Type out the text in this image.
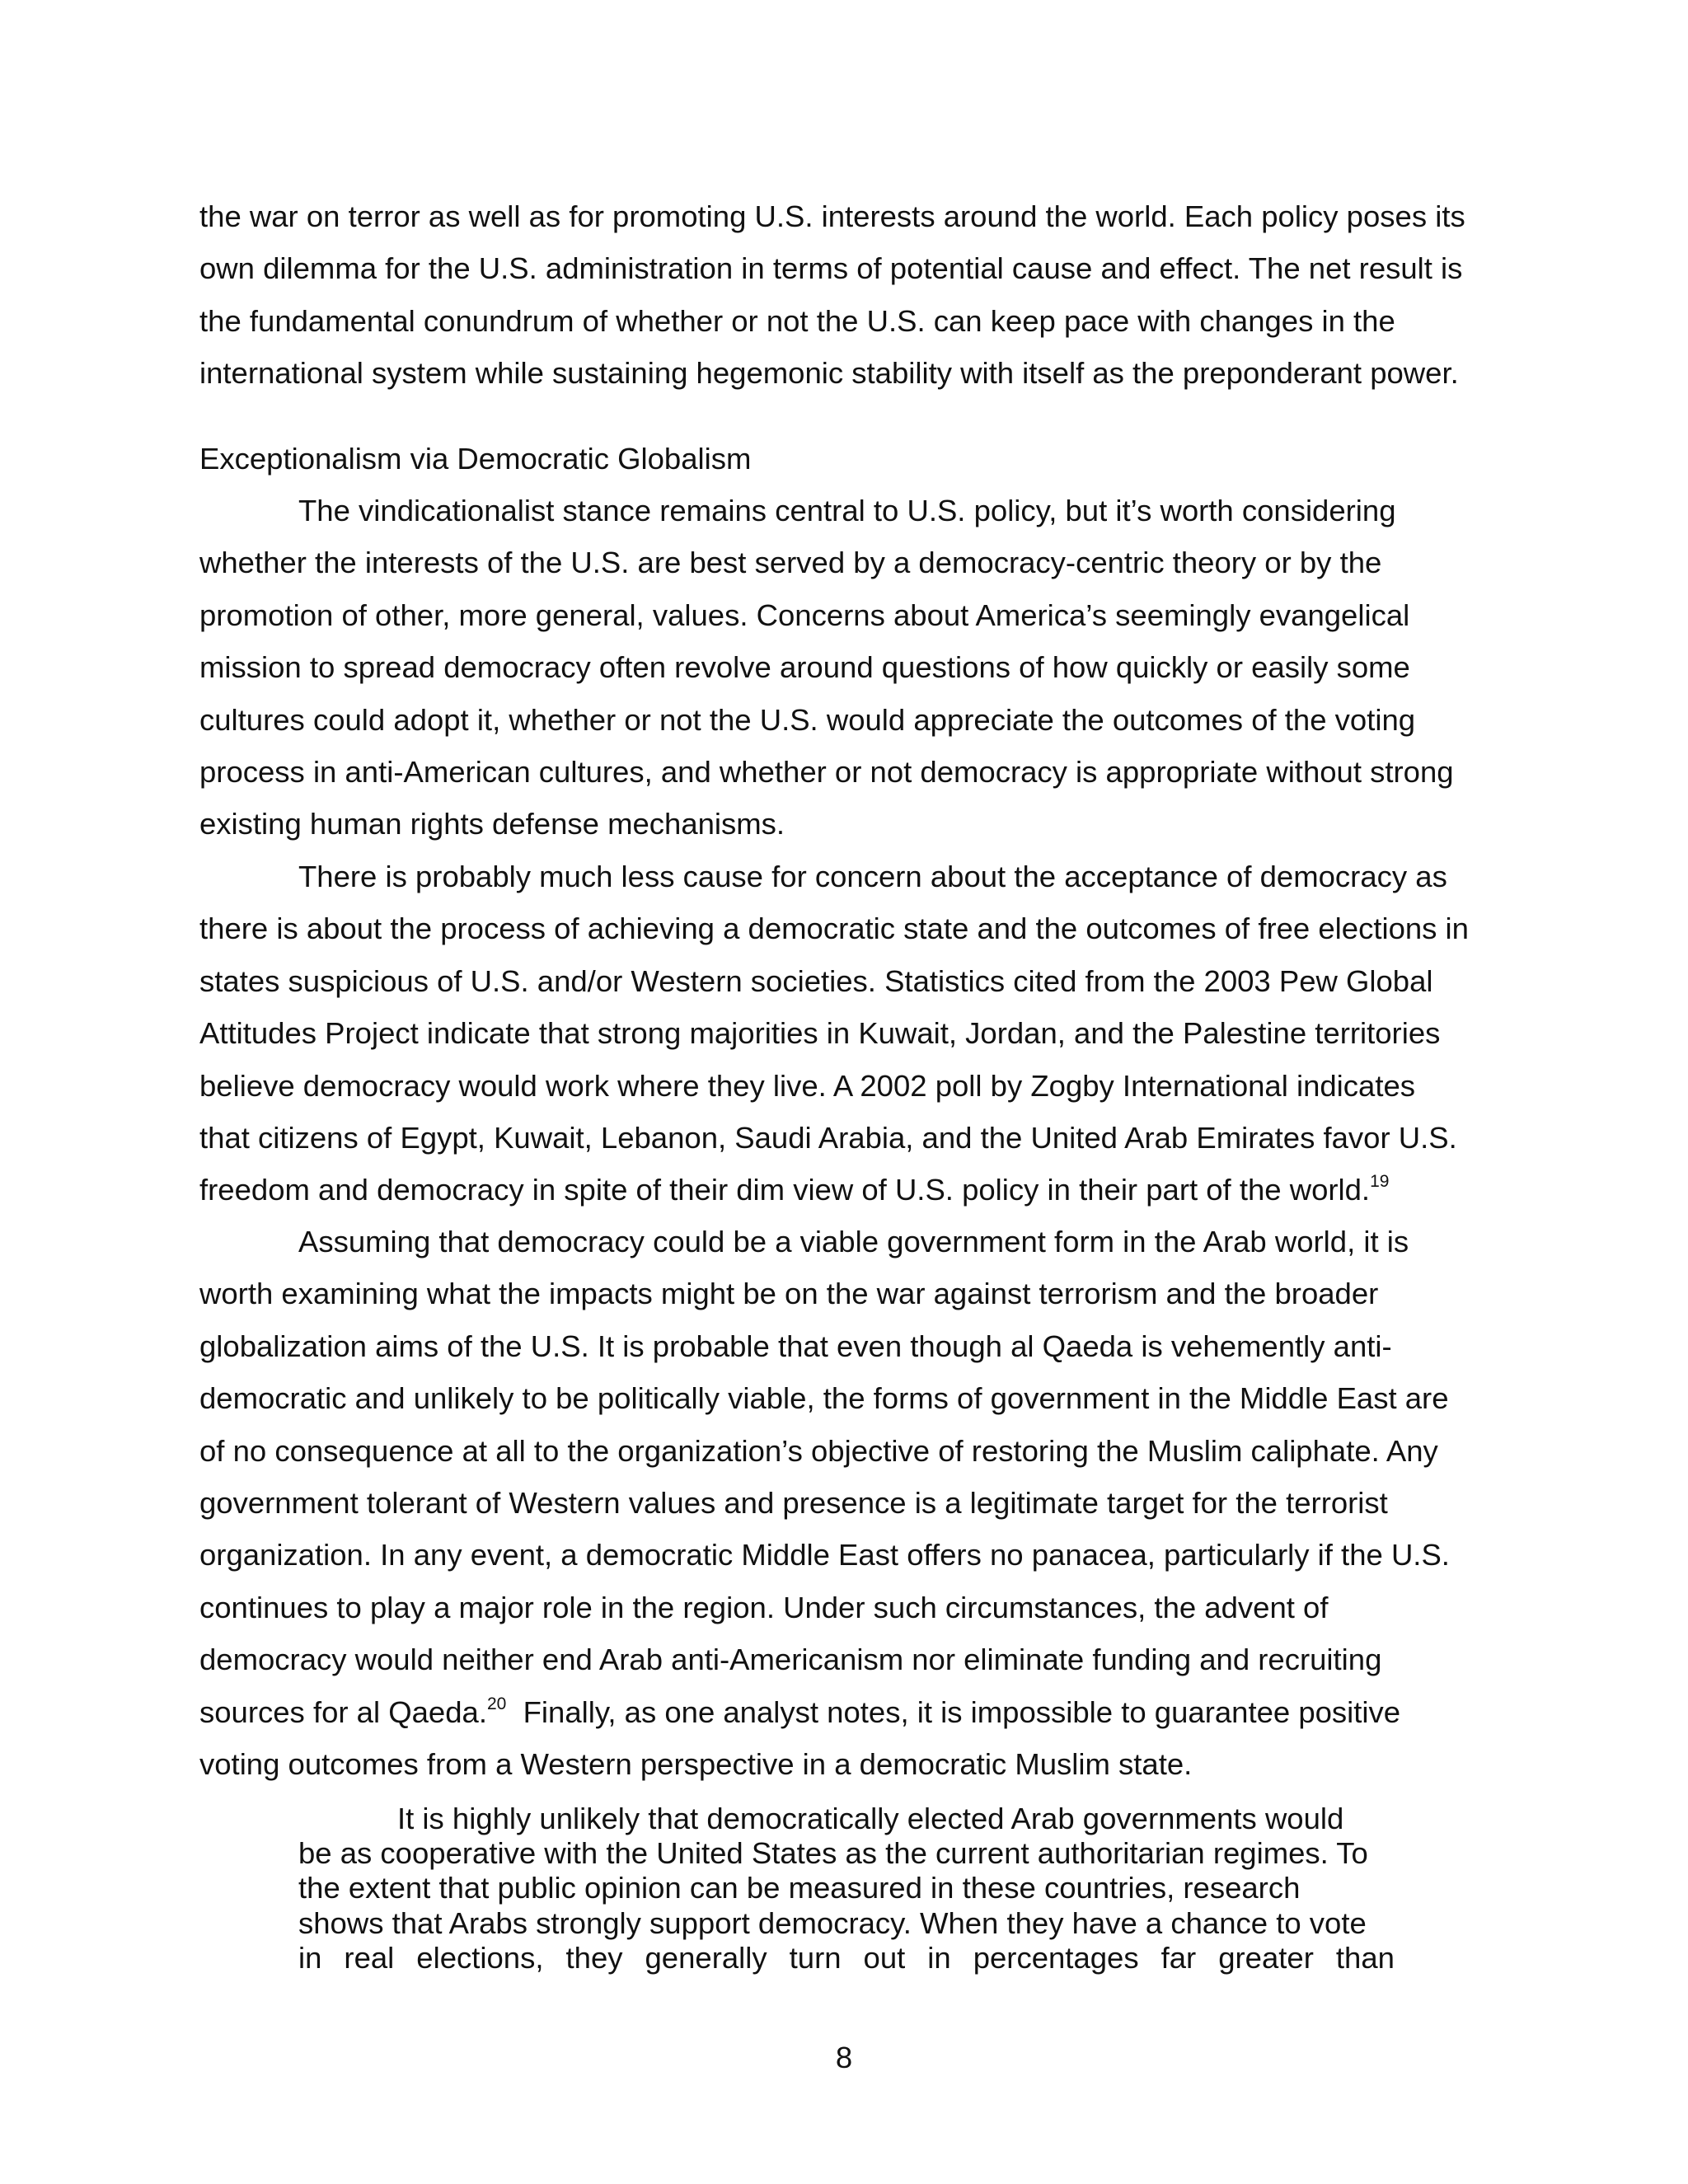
the war on terror as well as for promoting U.S. interests around the world. Each policy poses its
own dilemma for the U.S. administration in terms of potential cause and effect. The net result is
the fundamental conundrum of whether or not the U.S. can keep pace with changes in the
international system while sustaining hegemonic stability with itself as the preponderant power.
Exceptionalism via Democratic Globalism
The vindicationalist stance remains central to U.S. policy, but it’s worth considering
whether the interests of the U.S. are best served by a democracy-centric theory or by the
promotion of other, more general, values. Concerns about America’s seemingly evangelical
mission to spread democracy often revolve around questions of how quickly or easily some
cultures could adopt it, whether or not the U.S. would appreciate the outcomes of the voting
process in anti-American cultures, and whether or not democracy is appropriate without strong
existing human rights defense mechanisms.
There is probably much less cause for concern about the acceptance of democracy as
there is about the process of achieving a democratic state and the outcomes of free elections in
states suspicious of U.S. and/or Western societies. Statistics cited from the 2003 Pew Global
Attitudes Project indicate that strong majorities in Kuwait, Jordan, and the Palestine territories
believe democracy would work where they live. A 2002 poll by Zogby International indicates
that citizens of Egypt, Kuwait, Lebanon, Saudi Arabia, and the United Arab Emirates favor U.S.
freedom and democracy in spite of their dim view of U.S. policy in their part of the world.$^{19}$
Assuming that democracy could be a viable government form in the Arab world, it is
worth examining what the impacts might be on the war against terrorism and the broader
globalization aims of the U.S. It is probable that even though al Qaeda is vehemently anti-
democratic and unlikely to be politically viable, the forms of government in the Middle East are
of no consequence at all to the organization’s objective of restoring the Muslim caliphate. Any
government tolerant of Western values and presence is a legitimate target for the terrorist
organization. In any event, a democratic Middle East offers no panacea, particularly if the U.S.
continues to play a major role in the region. Under such circumstances, the advent of
democracy would neither end Arab anti-Americanism nor eliminate funding and recruiting
sources for al Qaeda.$^{20}$  Finally, as one analyst notes, it is impossible to guarantee positive
voting outcomes from a Western perspective in a democratic Muslim state.
It is highly unlikely that democratically elected Arab governments would
be as cooperative with the United States as the current authoritarian regimes. To
the extent that public opinion can be measured in these countries, research
shows that Arabs strongly support democracy. When they have a chance to vote
in real elections, they generally turn out in percentages far greater than
8
